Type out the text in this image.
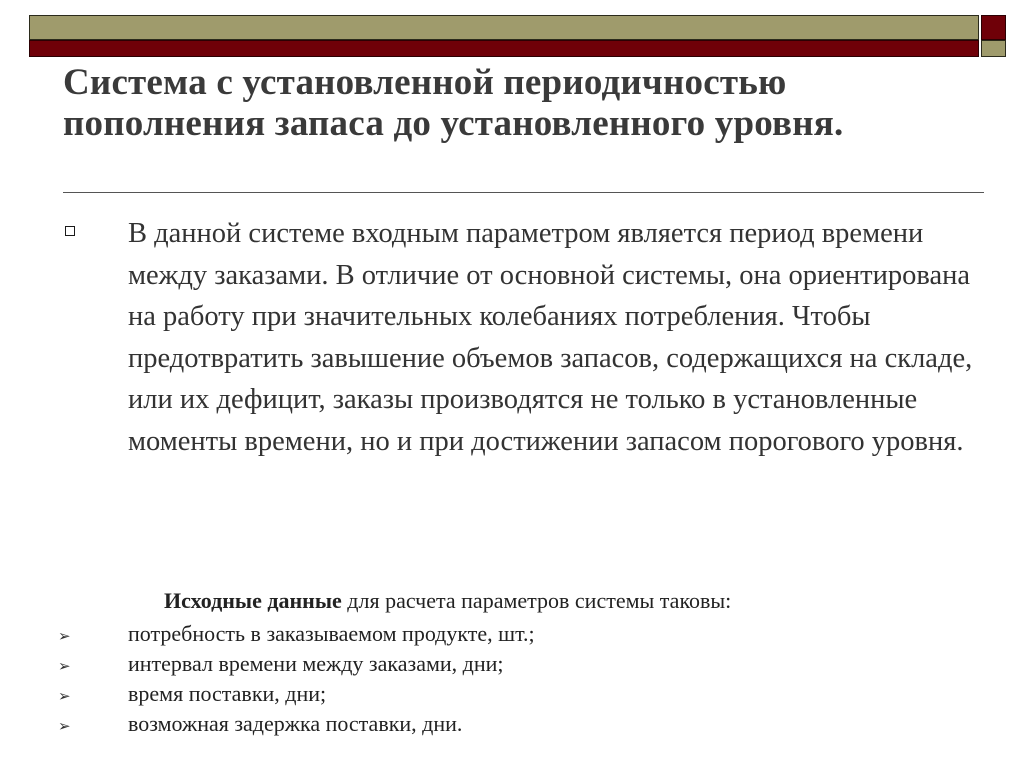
Система с установленной периодичностью пополнения запаса до установленного уровня.

В данной системе входным параметром является период времени между заказами. В отличие от основной системы, она ориентирована на работу при значительных колебаниях потребления. Чтобы предотвратить завышение объемов запасов, содержащихся на складе, или их дефицит, заказы производятся не только в установленные моменты времени, но и при достижении запасом порогового уровня.

Исходные данные для расчета параметров системы таковы:

➢	потребность в заказываемом продукте, шт.;
➢	интервал времени между заказами, дни;
➢	время поставки, дни;
➢	возможная задержка поставки, дни.
